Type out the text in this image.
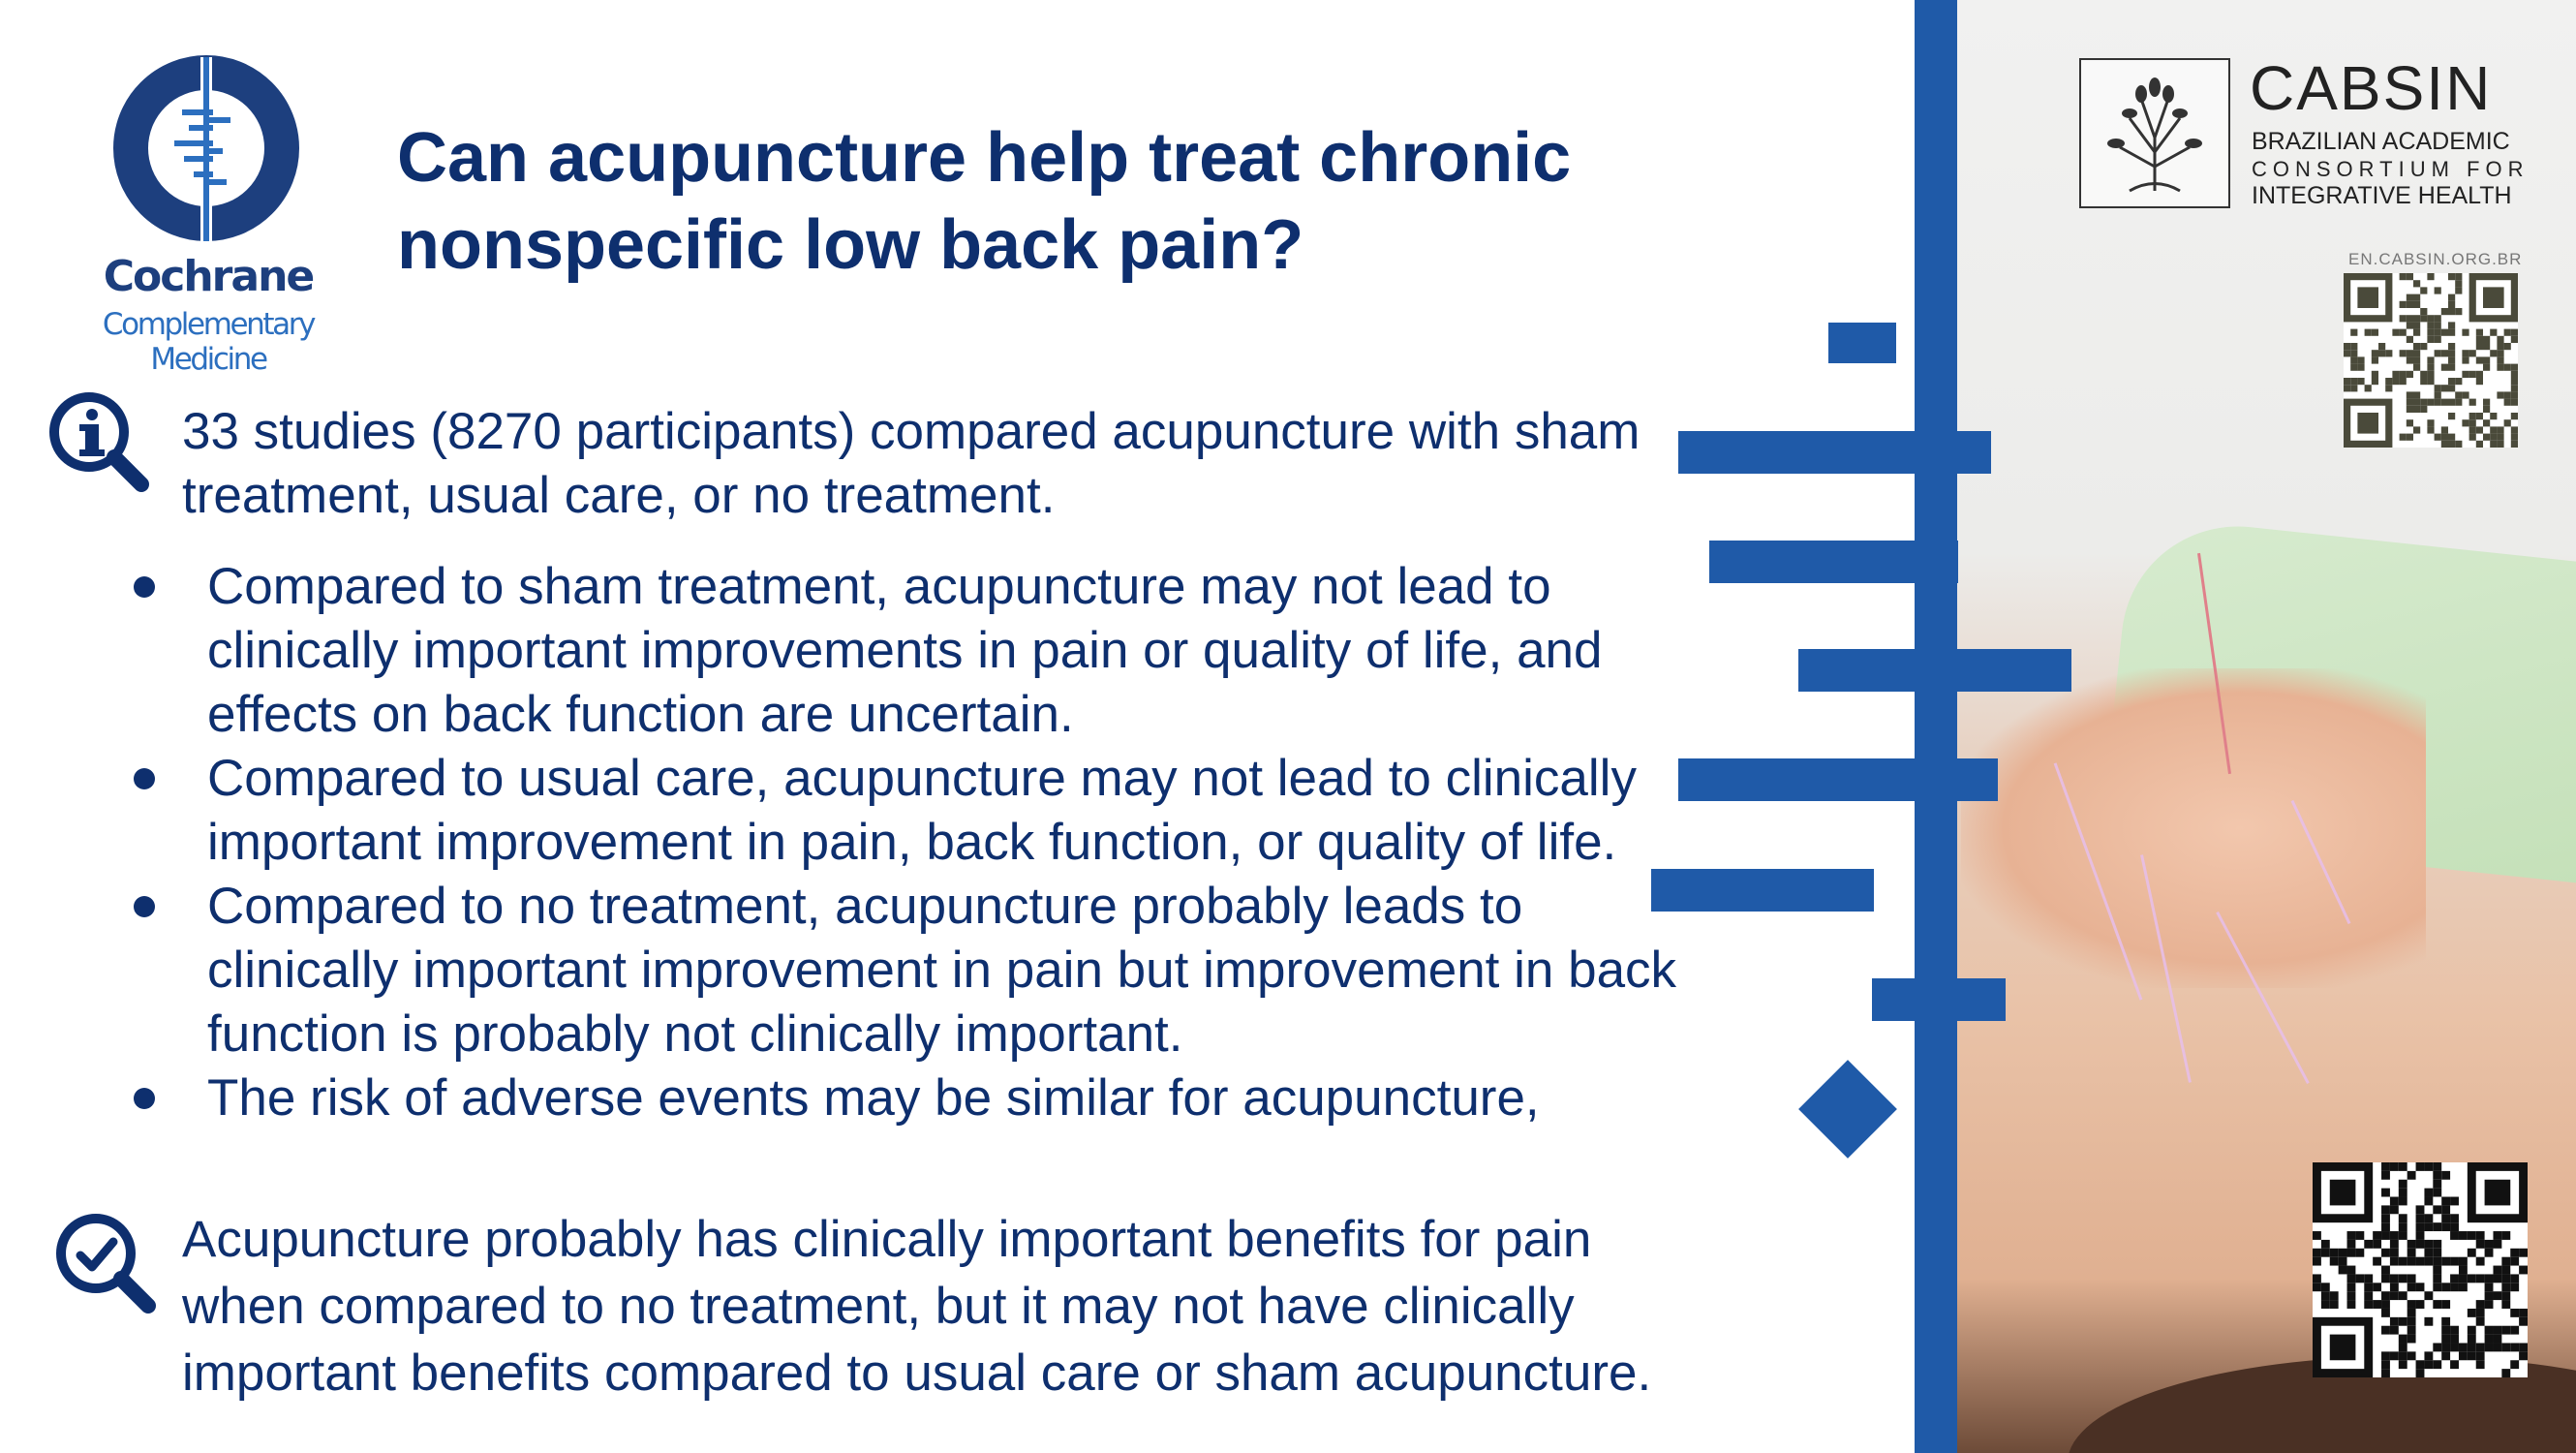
Cochrane
Complementary Medicine
Can acupuncture help treat chronic nonspecific low back pain?
33 studies (8270 participants) compared acupuncture with sham treatment, usual care, or no treatment.
Compared to sham treatment, acupuncture may not lead to clinically important improvements in pain or quality of life, and effects on back function are uncertain.
Compared to usual care, acupuncture may not lead to clinically important improvement in pain, back function, or quality of life.
Compared to no treatment, acupuncture probably leads to clinically important improvement in pain but improvement in back function is probably not clinically important.
The risk of adverse events may be similar for acupuncture,
Acupuncture probably has clinically important benefits for pain when compared to no treatment, but it may not have clinically important benefits compared to usual care or sham acupuncture.
CABSIN
BRAZILIAN ACADEMIC
CONSORTIUM FOR
INTEGRATIVE HEALTH
EN.CABSIN.ORG.BR
